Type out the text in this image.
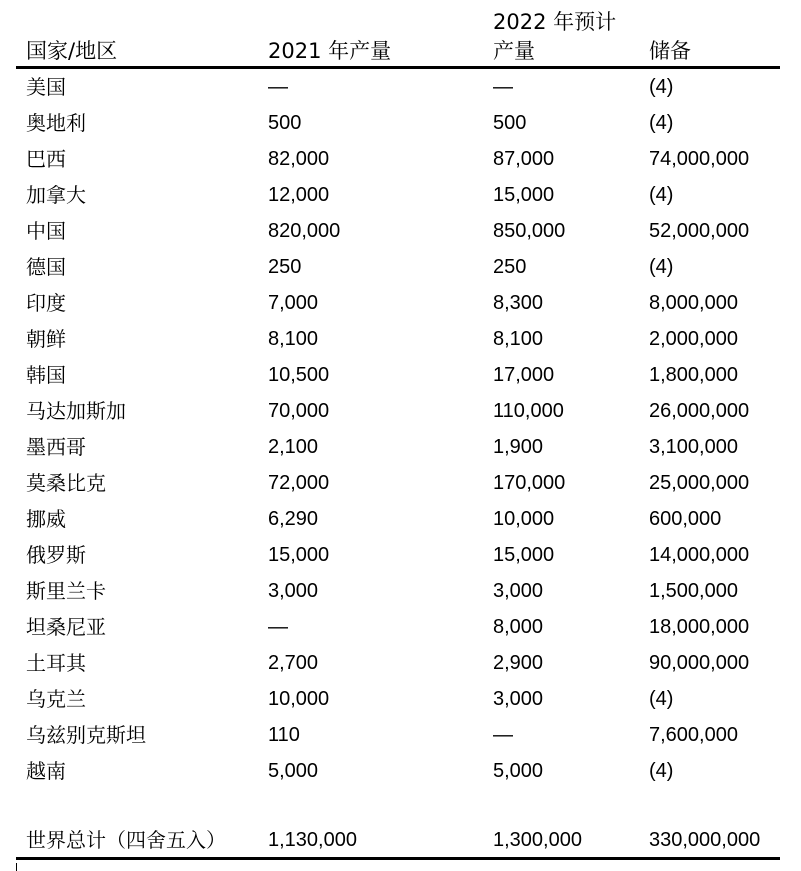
国家/地区	2021 年产量	2022 年预计产量	储备
美国	—	—	(4)
奥地利	500	500	(4)
巴西	82,000	87,000	74,000,000
加拿大	12,000	15,000	(4)
中国	820,000	850,000	52,000,000
德国	250	250	(4)
印度	7,000	8,300	8,000,000
朝鲜	8,100	8,100	2,000,000
韩国	10,500	17,000	1,800,000
马达加斯加	70,000	110,000	26,000,000
墨西哥	2,100	1,900	3,100,000
莫桑比克	72,000	170,000	25,000,000
挪威	6,290	10,000	600,000
俄罗斯	15,000	15,000	14,000,000
斯里兰卡	3,000	3,000	1,500,000
坦桑尼亚	—	8,000	18,000,000
土耳其	2,700	2,900	90,000,000
乌克兰	10,000	3,000	(4)
乌兹别克斯坦	110	—	7,600,000
越南	5,000	5,000	(4)

世界总计（四舍五入）	1,130,000	1,300,000	330,000,000
